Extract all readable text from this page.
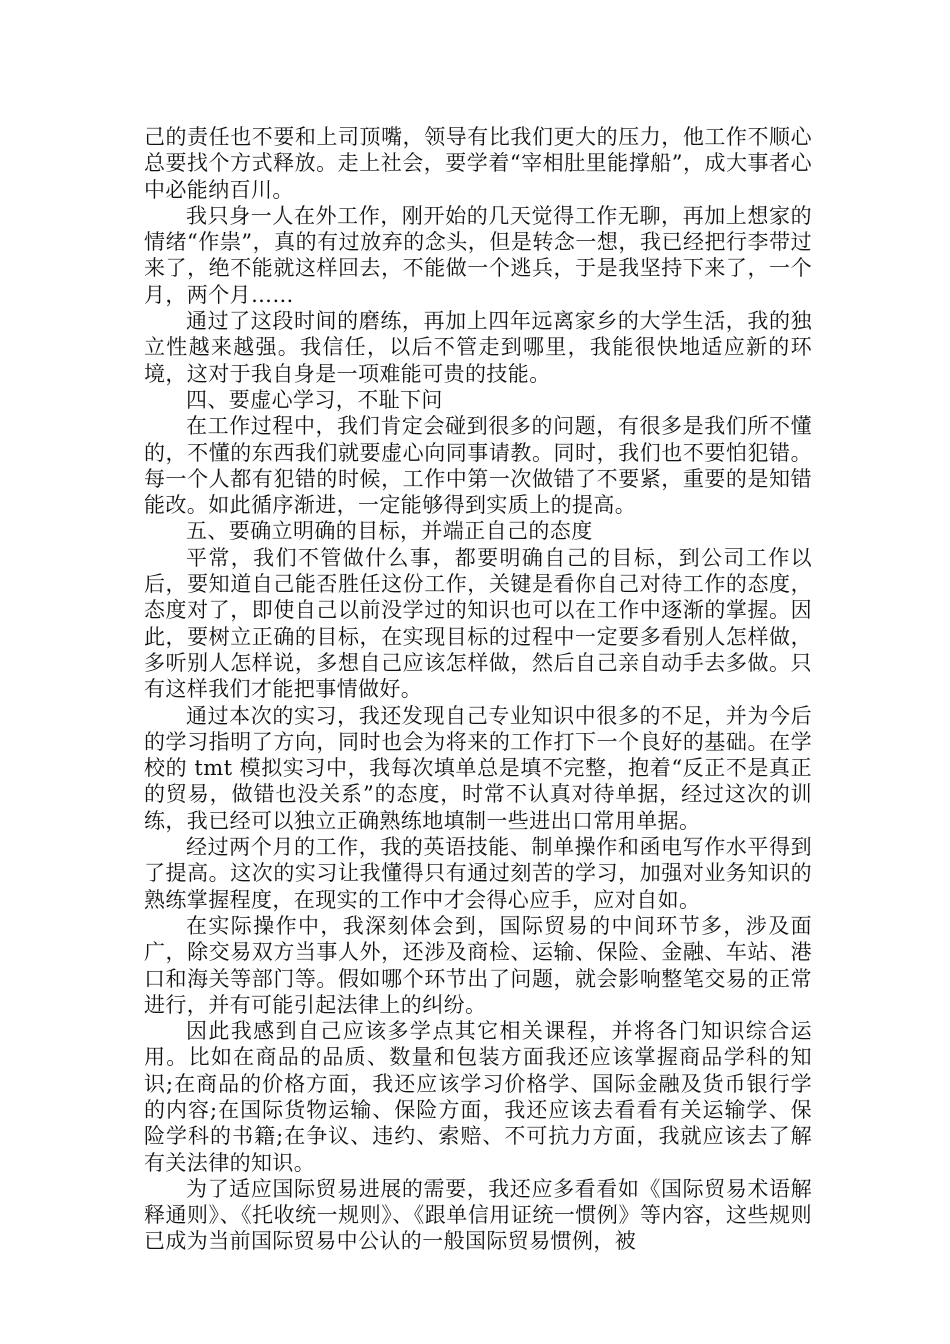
己的责任也不要和上司顶嘴，领导有比我们更大的压力，他工作不顺心总要找个方式释放。走上社会，要学着“宰相肚里能撑船”，成大事者心中必能纳百川。

我只身一人在外工作，刚开始的几天觉得工作无聊，再加上想家的情绪“作祟”，真的有过放弃的念头，但是转念一想，我已经把行李带过来了，绝不能就这样回去，不能做一个逃兵，于是我坚持下来了，一个月，两个月……

通过了这段时间的磨练，再加上四年远离家乡的大学生活，我的独立性越来越强。我信任，以后不管走到哪里，我能很快地适应新的环境，这对于我自身是一项难能可贵的技能。

四、要虚心学习，不耻下问

在工作过程中，我们肯定会碰到很多的问题，有很多是我们所不懂的，不懂的东西我们就要虚心向同事请教。同时，我们也不要怕犯错。每一个人都有犯错的时候，工作中第一次做错了不要紧，重要的是知错能改。如此循序渐进，一定能够得到实质上的提高。

五、要确立明确的目标，并端正自己的态度

平常，我们不管做什么事，都要明确自己的目标，到公司工作以后，要知道自己能否胜任这份工作，关键是看你自己对待工作的态度，态度对了，即使自己以前没学过的知识也可以在工作中逐渐的掌握。因此，要树立正确的目标，在实现目标的过程中一定要多看别人怎样做，多听别人怎样说，多想自己应该怎样做，然后自己亲自动手去多做。只有这样我们才能把事情做好。

通过本次的实习，我还发现自己专业知识中很多的不足，并为今后的学习指明了方向，同时也会为将来的工作打下一个良好的基础。在学校的 tmt 模拟实习中，我每次填单总是填不完整，抱着“反正不是真正的贸易，做错也没关系”的态度，时常不认真对待单据，经过这次的训练，我已经可以独立正确熟练地填制一些进出口常用单据。

经过两个月的工作，我的英语技能、制单操作和函电写作水平得到了提高。这次的实习让我懂得只有通过刻苦的学习，加强对业务知识的熟练掌握程度，在现实的工作中才会得心应手，应对自如。

在实际操作中，我深刻体会到，国际贸易的中间环节多，涉及面广，除交易双方当事人外，还涉及商检、运输、保险、金融、车站、港口和海关等部门等。假如哪个环节出了问题，就会影响整笔交易的正常进行，并有可能引起法律上的纠纷。

因此我感到自己应该多学点其它相关课程，并将各门知识综合运用。比如在商品的品质、数量和包装方面我还应该掌握商品学科的知识;在商品的价格方面，我还应该学习价格学、国际金融及货币银行学的内容;在国际货物运输、保险方面，我还应该去看看有关运输学、保险学科的书籍;在争议、违约、索赔、不可抗力方面，我就应该去了解有关法律的知识。

为了适应国际贸易进展的需要，我还应多看看如《国际贸易术语解释通则》、《托收统一规则》、《跟单信用证统一惯例》等内容，这些规则已成为当前国际贸易中公认的一般国际贸易惯例，被
